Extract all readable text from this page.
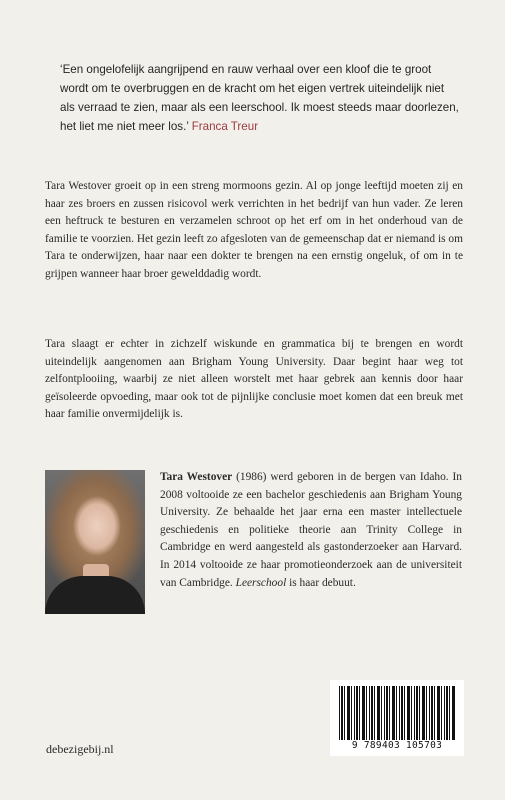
‘Een ongelofelijk aangrijpend en rauw verhaal over een kloof die te groot wordt om te overbruggen en de kracht om het eigen vertrek uiteindelijk niet als verraad te zien, maar als een leerschool. Ik moest steeds maar doorlezen, het liet me niet meer los.’ Franca Treur
Tara Westover groeit op in een streng mormoons gezin. Al op jonge leeftijd moeten zij en haar zes broers en zussen risicovol werk verrichten in het bedrijf van hun vader. Ze leren een heftruck te besturen en verzamelen schroot op het erf om in het onderhoud van de familie te voorzien. Het gezin leeft zo afgesloten van de gemeenschap dat er niemand is om Tara te onderwijzen, haar naar een dokter te brengen na een ernstig ongeluk, of om in te grijpen wanneer haar broer gewelddadig wordt.
Tara slaagt er echter in zichzelf wiskunde en grammatica bij te brengen en wordt uiteindelijk aangenomen aan Brigham Young University. Daar begint haar weg tot zelfontplooiing, waarbij ze niet alleen worstelt met haar gebrek aan kennis door haar geïsoleerde opvoeding, maar ook tot de pijnlijke conclusie moet komen dat een breuk met haar familie onvermijdelijk is.
Tara Westover (1986) werd geboren in de bergen van Idaho. In 2008 voltooide ze een bachelor geschiedenis aan Brigham Young University. Ze behaalde het jaar erna een master intellectuele geschiedenis en politieke theorie aan Trinity College in Cambridge en werd aangesteld als gastonderzoeker aan Harvard. In 2014 voltooide ze haar promotieonderzoek aan de universiteit van Cambridge. Leerschool is haar debuut.
9 789403 105703
debezigebij.nl
